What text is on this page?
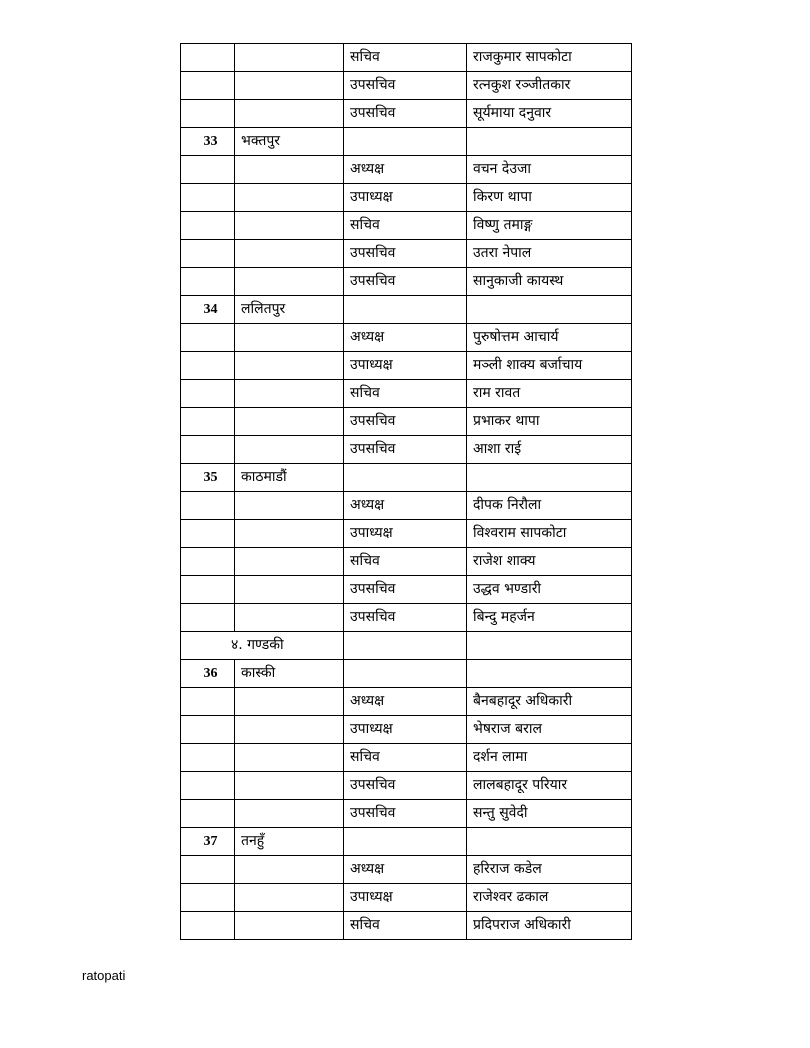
		सचिव	राजकुमार सापकोटा
		उपसचिव	रत्नकुश रञ्जीतकार
		उपसचिव	सूर्यमाया दनुवार
33	भक्तपुर		
		अध्यक्ष	वचन देउजा
		उपाध्यक्ष	किरण थापा
		सचिव	विष्णु तमाङ्ग
		उपसचिव	उतरा नेपाल
		उपसचिव	सानुकाजी कायस्थ
34	ललितपुर		
		अध्यक्ष	पुरुषोत्तम आचार्य
		उपाध्यक्ष	मञ्ली शाक्य बर्जाचाय
		सचिव	राम रावत
		उपसचिव	प्रभाकर थापा
		उपसचिव	आशा राई
35	काठमाडौं		
		अध्यक्ष	दीपक निरौला
		उपाध्यक्ष	विश्वराम सापकोटा
		सचिव	राजेश शाक्य
		उपसचिव	उद्धव भण्डारी
		उपसचिव	बिन्दु महर्जन
४. गण्डकी			
36	कास्की		
		अध्यक्ष	बैनबहादूर अधिकारी
		उपाध्यक्ष	भेषराज बराल
		सचिव	दर्शन लामा
		उपसचिव	लालबहादूर परियार
		उपसचिव	सन्तु सुवेदी
37	तनहुँ		
		अध्यक्ष	हरिराज कडेल
		उपाध्यक्ष	राजेश्वर ढकाल
		सचिव	प्रदिपराज अधिकारी
ratopati
